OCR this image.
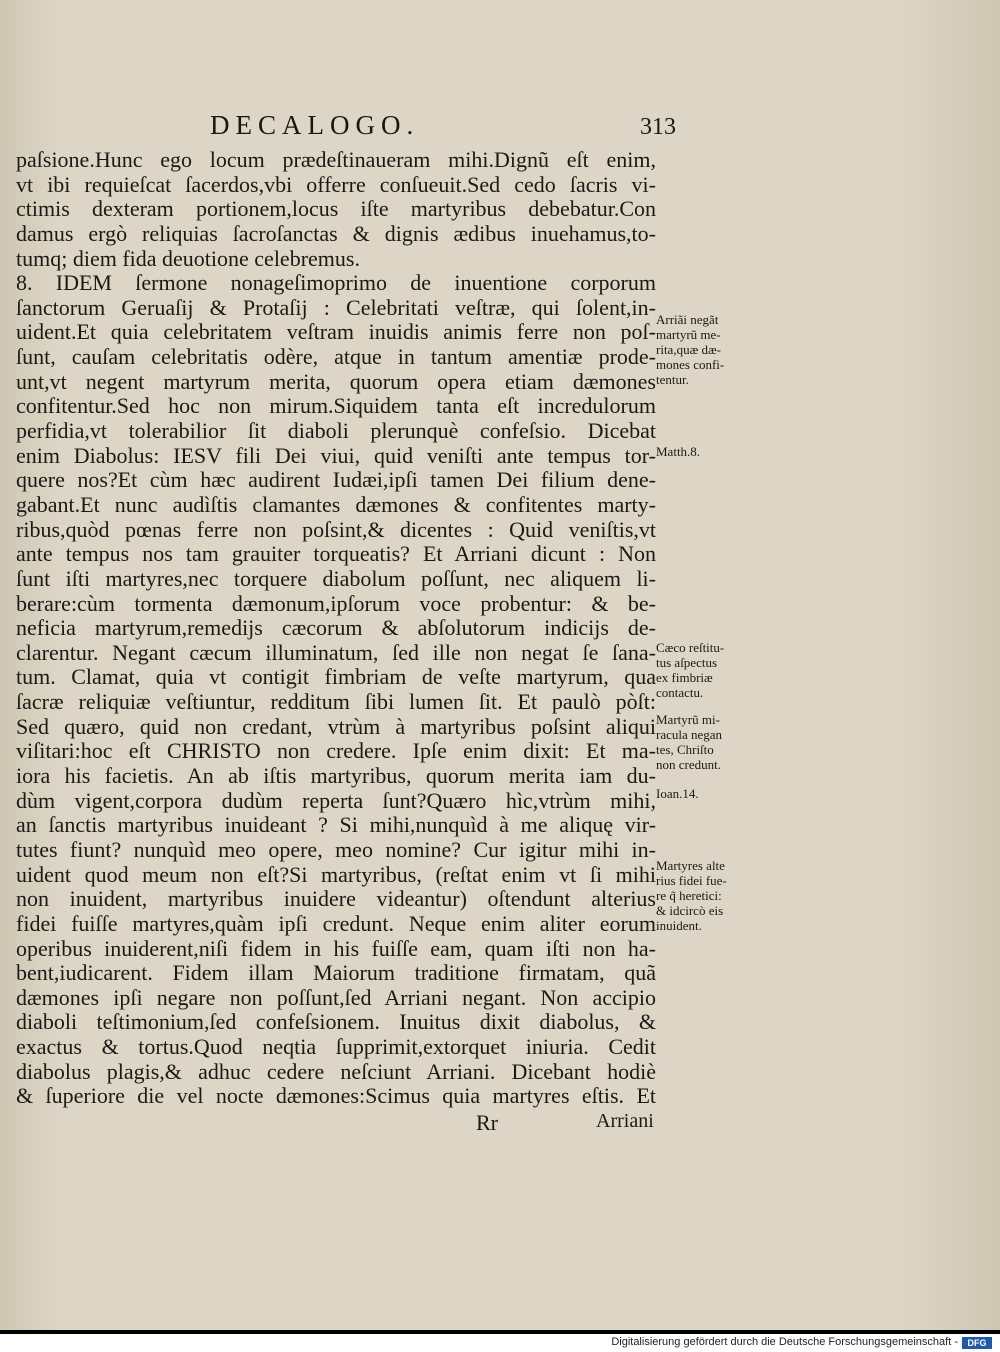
DECALOGO.	313
paſsione.Hunc ego locum prædeſtinaueram mihi.Dignũ eſt enim,
vt ibi requieſcat ſacerdos,vbi offerre conſueuit.Sed cedo ſacris vi-
ctimis dexteram portionem,locus iſte martyribus debebatur.Con
damus ergò reliquias ſacroſanctas & dignis ædibus inuehamus,to-
tumq; diem fida deuotione celebremus.
8. IDEM ſermone nonageſimoprimo de inuentione corporum
ſanctorum Geruaſij & Protaſij : Celebritati veſtræ, qui ſolent,in-
uident.Et quia celebritatem veſtram inuidis animis ferre non poſ-
ſunt, cauſam celebritatis odère, atque in tantum amentiæ prode-
unt,vt negent martyrum merita, quorum opera etiam dæmones
confitentur.Sed hoc non mirum.Siquidem tanta eſt incredulorum
perfidia,vt tolerabilior ſit diaboli plerunquè confeſsio. Dicebat
enim Diabolus: IESV fili Dei viui, quid veniſti ante tempus tor-
quere nos?Et cùm hæc audirent Iudæi,ipſi tamen Dei filium dene-
gabant.Et nunc audìſtis clamantes dæmones & confitentes marty-
ribus,quòd pœnas ferre non poſsint,& dicentes : Quid veniſtis,vt
ante tempus nos tam grauiter torqueatis? Et Arriani dicunt : Non
ſunt iſti martyres,nec torquere diabolum poſſunt, nec aliquem li-
berare:cùm tormenta dæmonum,ipſorum voce probentur: & be-
neficia martyrum,remedijs cæcorum & abſolutorum indicijs de-
clarentur. Negant cæcum illuminatum, ſed ille non negat ſe ſana-
tum. Clamat, quia vt contigit fimbriam de veſte martyrum, qua
ſacræ reliquiæ veſtiuntur, redditum ſibi lumen ſit. Et paulò pòſt:
Sed quæro, quid non credant, vtrùm à martyribus poſsint aliqui
viſitari:hoc eſt CHRISTO non credere. Ipſe enim dixit: Et ma-
iora his facietis. An ab iſtis martyribus, quorum merita iam du-
dùm vigent,corpora dudùm reperta ſunt?Quæro hìc,vtrùm mihi,
an ſanctis martyribus inuideant ? Si mihi,nunquìd à me aliquę vir-
tutes fiunt? nunquìd meo opere, meo nomine? Cur igitur mihi in-
uident quod meum non eſt?Si martyribus, (reſtat enim vt ſi mihi
non inuident, martyribus inuidere videantur) oſtendunt alterius
fidei fuiſſe martyres,quàm ipſi credunt. Neque enim aliter eorum
operibus inuiderent,niſi fidem in his fuiſſe eam, quam iſti non ha-
bent,iudicarent. Fidem illam Maiorum traditione firmatam, quã
dæmones ipſi negare non poſſunt,ſed Arriani negant. Non accipio
diaboli teſtimonium,ſed confeſsionem. Inuitus dixit diabolus, &
exactus & tortus.Quod neqtia ſupprimit,extorquet iniuria. Cedit
diabolus plagis,& adhuc cedere neſciunt Arriani. Dicebant hodiè
& ſuperiore die vel nocte dæmones:Scimus quia martyres eſtis. Et
Arriãi negãt
martyrũ me-
rita,quæ dæ-
mones confi-
tentur.
Matth.8.
Cæco reſtitu-
tus aſpectus
ex fimbriæ
contactu.
Martyrũ mi-
racula negan
tes, Chriſto
non credunt.
Ioan.14.
Martyres alte
rius fidei fue-
re q̃ heretici:
& idcircò eis
inuident.
Rr	Arriani
Digitalisierung gefördert durch die Deutsche Forschungsgemeinschaft -	DFG
